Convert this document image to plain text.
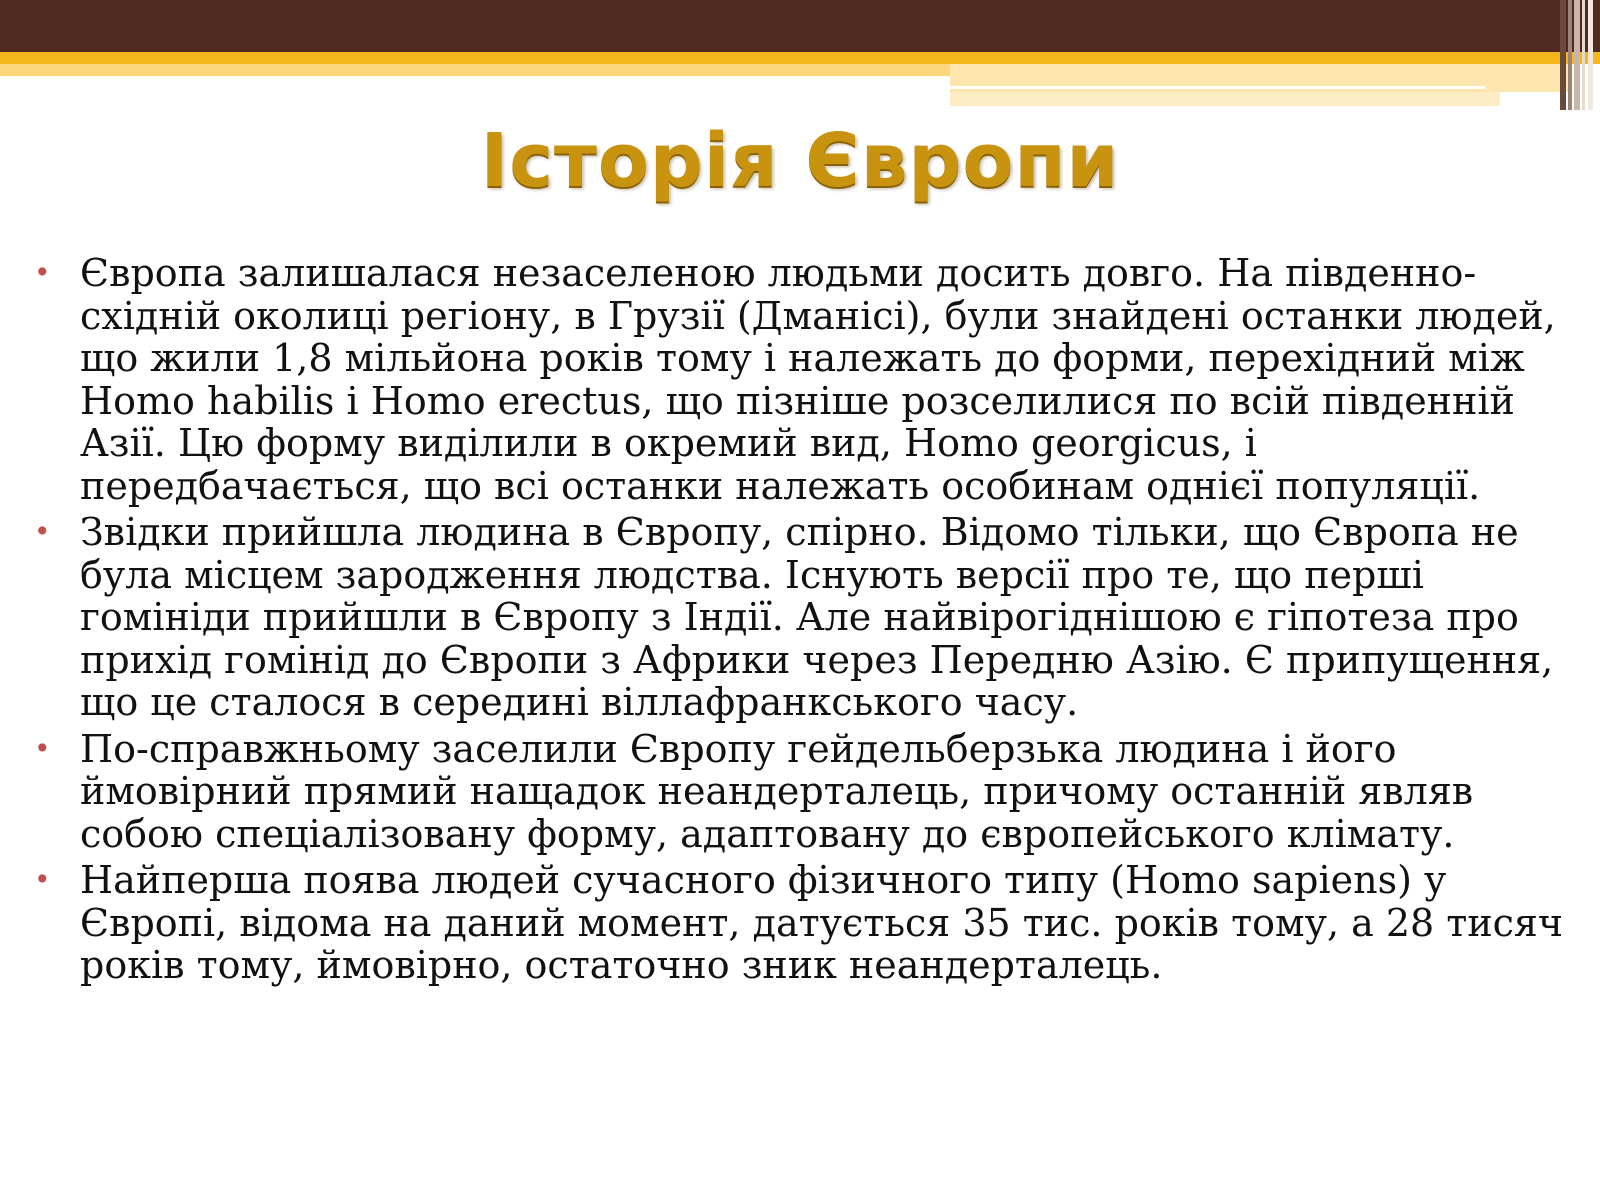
Історія Європи
• Європа залишалася незаселеною людьми досить довго. На південно-східній околиці регіону, в Грузії (Дманісі), були знайдені останки людей, що жили 1,8 мільйона років тому і належать до форми, перехідний між Homo habilis і Homo erectus, що пізніше розселилися по всій південній Азії. Цю форму виділили в окремий вид, Homo georgicus, і передбачається, що всі останки належать особинам однієї популяції.
• Звідки прийшла людина в Європу, спірно. Відомо тільки, що Європа не була місцем зародження людства. Існують версії про те, що перші гомініди прийшли в Європу з Індії. Але найвірогіднішою є гіпотеза про прихід гомінід до Європи з Африки через Передню Азію. Є припущення, що це сталося в середині віллафранкського часу.
• По-справжньому заселили Європу гейдельберзька людина і його ймовірний прямий нащадок неандерталець, причому останній являв собою спеціалізовану форму, адаптовану до європейського клімату.
• Найперша поява людей сучасного фізичного типу (Homo sapiens) у Європі, відома на даний момент, датується 35 тис. років тому, а 28 тисяч років тому, ймовірно, остаточно зник неандерталець.
